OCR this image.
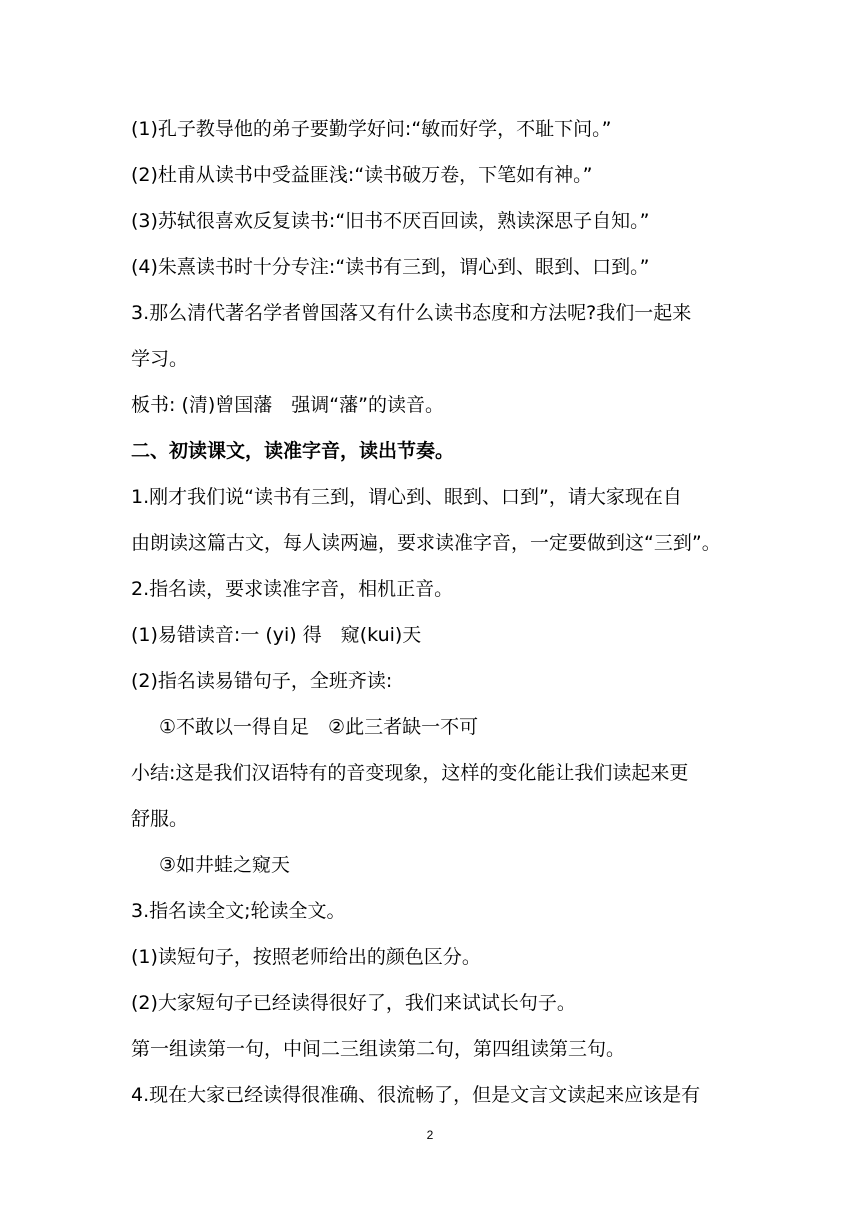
(1)孔子教导他的弟子要勤学好问:“敏而好学，不耻下问。”
(2)杜甫从读书中受益匪浅:“读书破万卷，下笔如有神。”
(3)苏轼很喜欢反复读书:“旧书不厌百回读，熟读深思子自知。”
(4)朱熹读书时十分专注:“读书有三到，谓心到、眼到、口到。”
3.那么清代著名学者曾国落又有什么读书态度和方法呢?我们一起来
学习。
板书: (清)曾国藩　强调“藩”的读音。
二、初读课文，读准字音，读出节奏。
1.刚才我们说“读书有三到，谓心到、眼到、口到”，请大家现在自
由朗读这篇古文，每人读两遍，要求读准字音，一定要做到这“三到”。
2.指名读，要求读准字音，相机正音。
(1)易错读音:一 (yi) 得　窥(kui)天
(2)指名读易错句子，全班齐读:
①不敢以一得自足　②此三者缺一不可
小结:这是我们汉语特有的音变现象，这样的变化能让我们读起来更
舒服。
③如井蛙之窥天
3.指名读全文;轮读全文。
(1)读短句子，按照老师给出的颜色区分。
(2)大家短句子已经读得很好了，我们来试试长句子。
第一组读第一句，中间二三组读第二句，第四组读第三句。
4.现在大家已经读得很准确、很流畅了，但是文言文读起来应该是有
2
